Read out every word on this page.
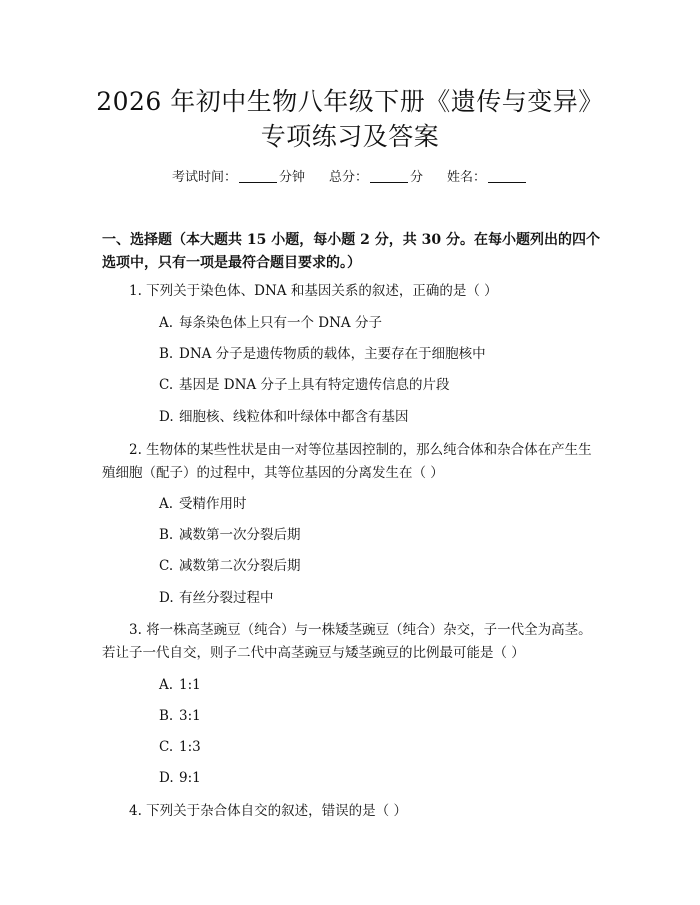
2026 年初中生物八年级下册《遗传与变异》
专项练习及答案
考试时间：	分钟 总分：	分 姓名：
一、选择题（本大题共 15 小题，每小题 2 分，共 30 分。在每小题列出的四个选项中，只有一项是最符合题目要求的。）
1. 下列关于染色体、DNA 和基因关系的叙述，正确的是（ ）
A. 每条染色体上只有一个 DNA 分子
B. DNA 分子是遗传物质的载体，主要存在于细胞核中
C. 基因是 DNA 分子上具有特定遗传信息的片段
D. 细胞核、线粒体和叶绿体中都含有基因
2. 生物体的某些性状是由一对等位基因控制的，那么纯合体和杂合体在产生生殖细胞（配子）的过程中，其等位基因的分离发生在（ ）
A. 受精作用时
B. 减数第一次分裂后期
C. 减数第二次分裂后期
D. 有丝分裂过程中
3. 将一株高茎豌豆（纯合）与一株矮茎豌豆（纯合）杂交，子一代全为高茎。若让子一代自交，则子二代中高茎豌豆与矮茎豌豆的比例最可能是（ ）
A. 1:1
B. 3:1
C. 1:3
D. 9:1
4. 下列关于杂合体自交的叙述，错误的是（ ）
